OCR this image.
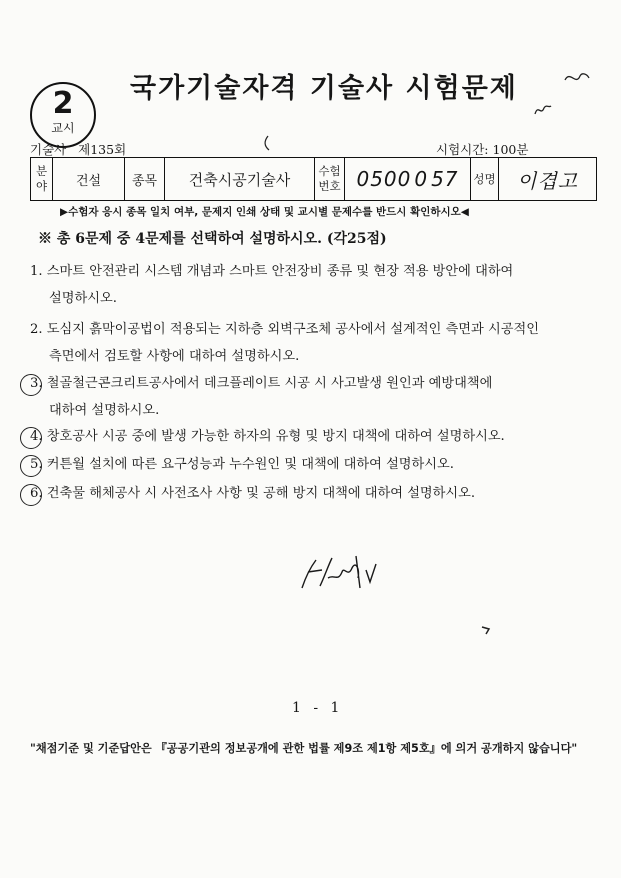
2
교시
국가기술자격 기술사 시험문제
기술사 제135회	시험시간: 100분
분야	건설	종목	건축시공기술사	수험번호	0500 0 57	성명	이겹고
▶수험자 응시 종목 일치 여부, 문제지 인쇄 상태 및 교시별 문제수를 반드시 확인하시오◀
※ 총 6문제 중 4문제를 선택하여 설명하시오. (각25점)
1. 스마트 안전관리 시스템 개념과 스마트 안전장비 종류 및 현장 적용 방안에 대하여
설명하시오.
2. 도심지 흙막이공법이 적용되는 지하층 외벽구조체 공사에서 설계적인 측면과 시공적인
측면에서 검토할 사항에 대하여 설명하시오.
3. 철골철근콘크리트공사에서 데크플레이트 시공 시 사고발생 원인과 예방대책에
대하여 설명하시오.
4. 창호공사 시공 중에 발생 가능한 하자의 유형 및 방지 대책에 대하여 설명하시오.
5. 커튼월 설치에 따른 요구성능과 누수원인 및 대책에 대하여 설명하시오.
6. 건축물 해체공사 시 사전조사 사항 및 공해 방지 대책에 대하여 설명하시오.
1 - 1
"채점기준 및 기준답안은 『공공기관의 정보공개에 관한 법률 제9조 제1항 제5호』에 의거 공개하지 않습니다"
